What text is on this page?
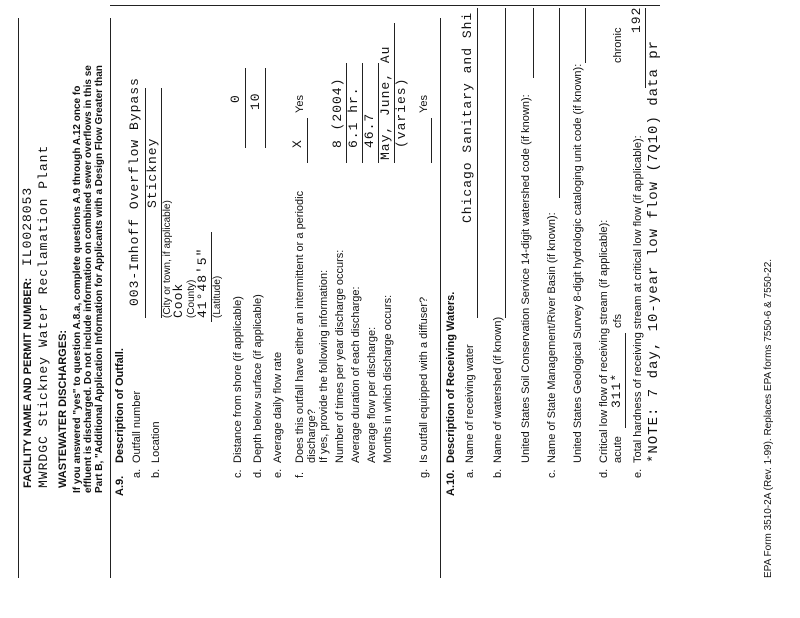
FACILITY NAME AND PERMIT NUMBER:
IL0028053 MWRDGC Stickney Water Reclamation Plant WASTEWATER DISCHARGES: If you answered "yes" to question A.8.a, complete questions A.9 through A.12 once fo effluent is discharged. Do not include information on combined sewer overflows in this se Part B, "Additional Application Information for Applicants with a Design Flow Greater than A.9.
Description of Outfall.
a.
Outfall number
003-Imhoff Overflow Bypass
b.
Location
Stickney
(City or town, if applicable)
Cook (County)
41°48'5" (Latitude)
c.
Distance from shore (if applicable)
0
d.
Depth below surface (if applicable)
10
e.
Average daily flow rate
f.
Does this outfall have either an intermittent or a periodic discharge?
X
Yes
If yes, provide the following information: Number of times per year discharge occurs:
8 (2004)
Average duration of each discharge:
6.1 hr.
Average flow per discharge:
46.7
Months in which discharge occurs:
May, June, Au (varies)
g.
Is outfall equipped with a diffuser?
Yes
A.10.
Description of Receiving Waters.
a.
Name of receiving water
Chicago Sanitary and Shi
b.
Name of watershed (if known) United States Soil Conservation Service 14-digit watershed code (if known):
c.
Name of State Management/River Basin (if known): United States Geological Survey 8-digit hydrologic cataloging unit code (if known):
d.
Critical low flow of receiving stream (if applicable): acute
311*
cfs
chronic
e.
Total hardness of receiving stream at critical low flow (if applicable):
192
*NOTE: 7 day, 10-year low flow (7Q10) data pr	EPA Form 3510-2A (Rev. 1-99). Replaces EPA forms 7550-6 & 7550-22.
